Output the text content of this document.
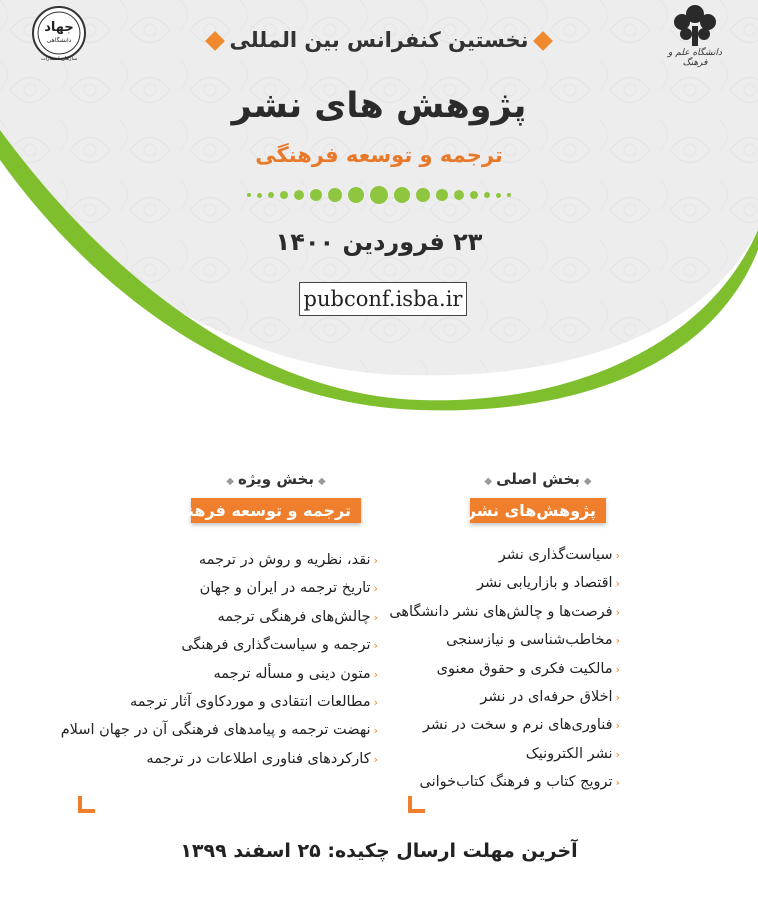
جهاد
دانشگاهی
سازمان انتشارات
دانشگاه علم و فرهنگ
نخستین کنفرانس بین المللی
پژوهش های نشر
ترجمه و توسعه فرهنگی
۲۳ فروردین ۱۴۰۰
pubconf.isba.ir
◆بخش اصلی◆
پژوهش‌های نشر
‹سیاست‌گذاری نشر
‹اقتصاد و بازاریابی نشر
‹فرصت‌ها و چالش‌های نشر دانشگاهی
‹مخاطب‌شناسی و نیازسنجی
‹مالکیت فکری و حقوق معنوی
‹اخلاق حرفه‌ای در نشر
‹فناوری‌های نرم و سخت در نشر
‹نشر الکترونیک
‹ترویج کتاب و فرهنگ کتاب‌خوانی
◆بخش ویژه◆
ترجمه و توسعه فرهنگی
‹نقد، نظریه و روش در ترجمه
‹تاریخ ترجمه در ایران و جهان
‹چالش‌های فرهنگی ترجمه
‹ترجمه و سیاست‌گذاری فرهنگی
‹متون دینی و مسأله ترجمه
‹مطالعات انتقادی و موردکاوی آثار ترجمه
‹نهضت ترجمه و پیامدهای فرهنگی آن در جهان اسلام
‹کارکردهای فناوری اطلاعات در ترجمه
آخرین مهلت ارسال چکیده: ۲۵ اسفند ۱۳۹۹
